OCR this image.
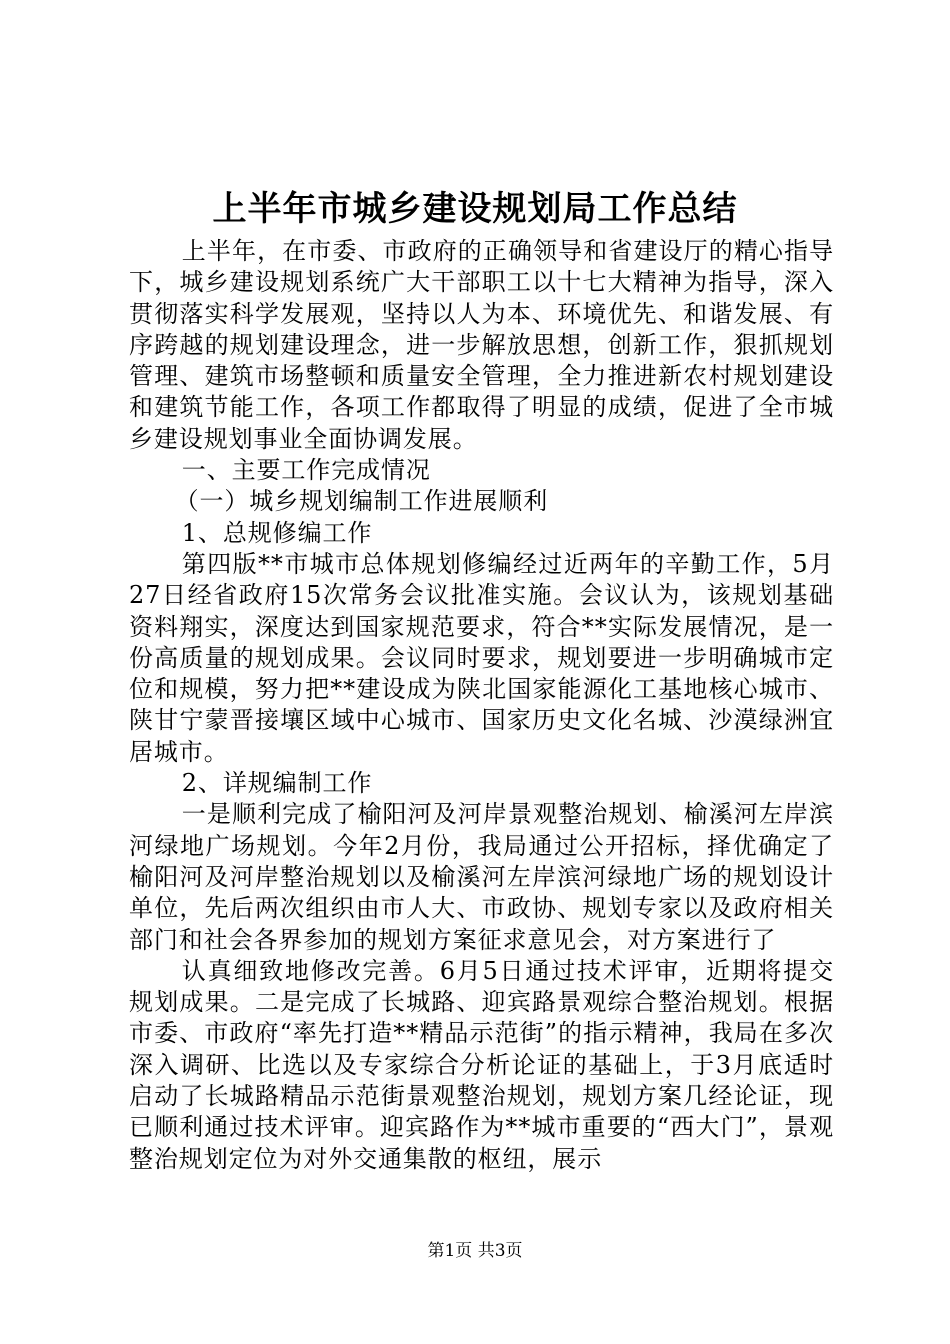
上半年市城乡建设规划局工作总结

上半年，在市委、市政府的正确领导和省建设厅的精心指导下，城乡建设规划系统广大干部职工以十七大精神为指导，深入贯彻落实科学发展观，坚持以人为本、环境优先、和谐发展、有序跨越的规划建设理念，进一步解放思想，创新工作，狠抓规划管理、建筑市场整顿和质量安全管理，全力推进新农村规划建设和建筑节能工作，各项工作都取得了明显的成绩，促进了全市城乡建设规划事业全面协调发展。

一、主要工作完成情况

（一）城乡规划编制工作进展顺利

1、总规修编工作

第四版**市城市总体规划修编经过近两年的辛勤工作，5月27日经省政府15次常务会议批准实施。会议认为，该规划基础资料翔实，深度达到国家规范要求，符合**实际发展情况，是一份高质量的规划成果。会议同时要求，规划要进一步明确城市定位和规模，努力把**建设成为陕北国家能源化工基地核心城市、陕甘宁蒙晋接壤区域中心城市、国家历史文化名城、沙漠绿洲宜居城市。

2、详规编制工作

一是顺利完成了榆阳河及河岸景观整治规划、榆溪河左岸滨河绿地广场规划。今年2月份，我局通过公开招标，择优确定了榆阳河及河岸整治规划以及榆溪河左岸滨河绿地广场的规划设计单位，先后两次组织由市人大、市政协、规划专家以及政府相关部门和社会各界参加的规划方案征求意见会，对方案进行了

认真细致地修改完善。6月5日通过技术评审，近期将提交规划成果。二是完成了长城路、迎宾路景观综合整治规划。根据市委、市政府“率先打造**精品示范街”的指示精神，我局在多次深入调研、比选以及专家综合分析论证的基础上，于3月底适时启动了长城路精品示范街景观整治规划，规划方案几经论证，现已顺利通过技术评审。迎宾路作为**城市重要的“西大门”，景观整治规划定位为对外交通集散的枢纽，展示

第1页 共3页
